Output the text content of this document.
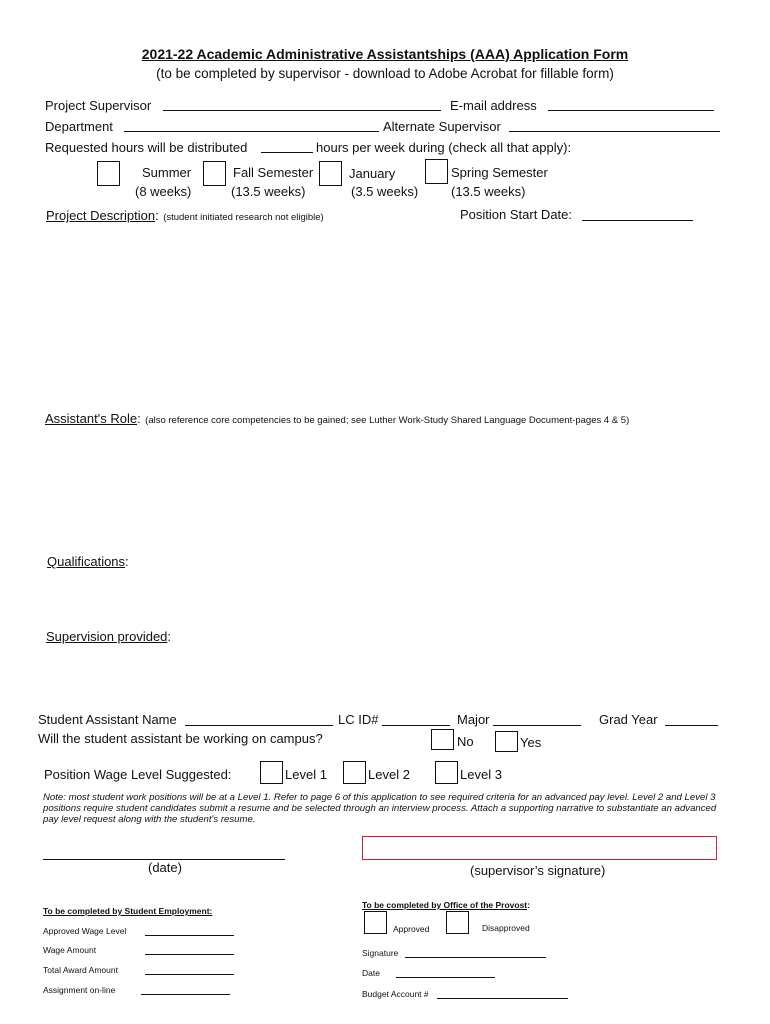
2021-22 Academic Administrative Assistantships (AAA) Application Form
(to be completed by supervisor - download to Adobe Acrobat for fillable form)
Project Supervisor	E-mail address
Department	Alternate Supervisor
Requested hours will be distributed	hours per week during (check all that apply):
Summer
(8 weeks)
Fall Semester
(13.5 weeks)
January
(3.5 weeks)
Spring Semester
(13.5 weeks)
Project Description: (student initiated research not eligible)	Position Start Date:
Assistant's Role: (also reference core competencies to be gained; see Luther Work-Study Shared Language Document-pages 4 & 5)
Qualifications:
Supervision provided:
Student Assistant Name	LC ID#	Major	Grad Year
Will the student assistant be working on campus?	No	Yes
Position Wage Level Suggested:	Level 1	Level 2	Level 3
Note: most student work positions will be at a Level 1. Refer to page 6 of this application to see required criteria for an advanced pay level. Level 2 and Level 3 positions require student candidates submit a resume and be selected through an interview process. Attach a supporting narrative to substantiate an advanced pay level request along with the student's resume.
(date)	(supervisor’s signature)
To be completed by Student Employment:
Approved Wage Level
Wage Amount
Total Award Amount
Assignment on-line
To be completed by Office of the Provost:
Approved	Disapproved
Signature
Date
Budget Account #
